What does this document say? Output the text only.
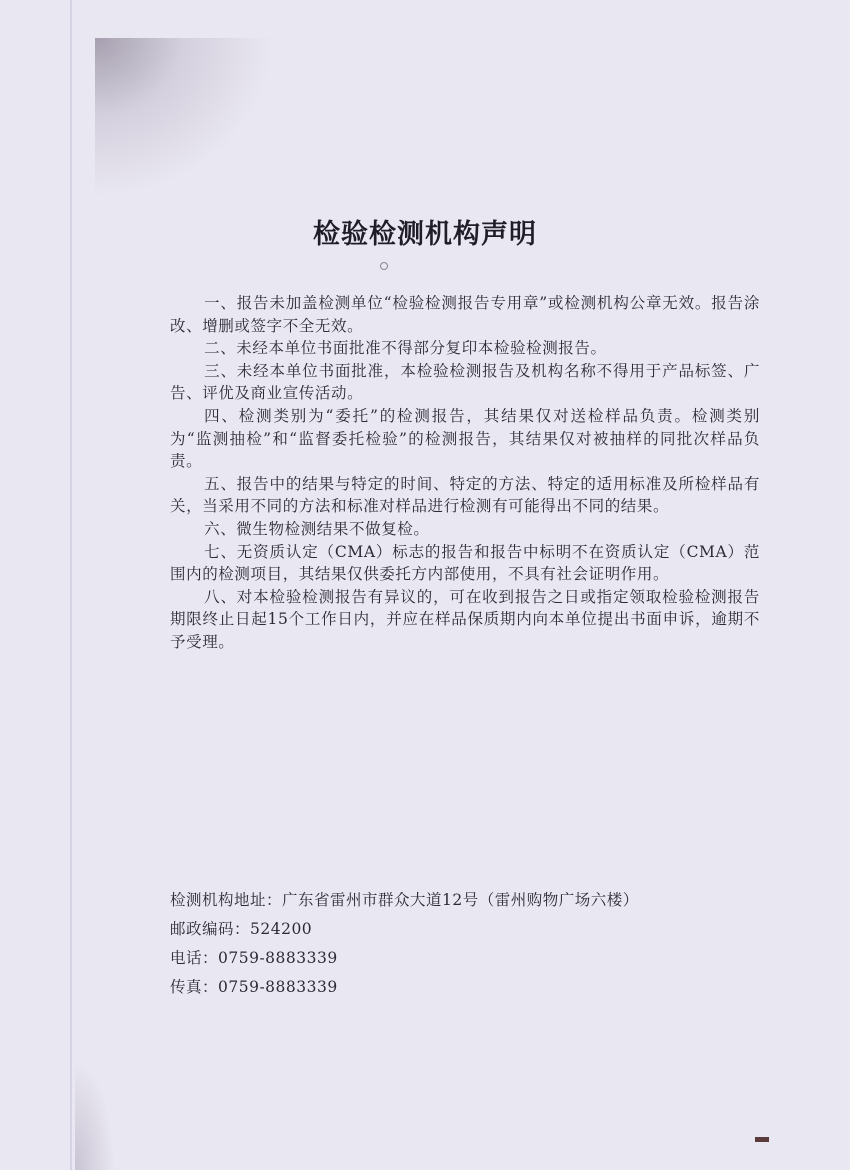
检验检测机构声明

一、报告未加盖检测单位“检验检测报告专用章”或检测机构公章无效。报告涂改、增删或签字不全无效。

二、未经本单位书面批准不得部分复印本检验检测报告。

三、未经本单位书面批准，本检验检测报告及机构名称不得用于产品标签、广告、评优及商业宣传活动。

四、检测类别为“委托”的检测报告，其结果仅对送检样品负责。检测类别为“监测抽检”和“监督委托检验”的检测报告，其结果仅对被抽样的同批次样品负责。

五、报告中的结果与特定的时间、特定的方法、特定的适用标准及所检样品有关，当采用不同的方法和标准对样品进行检测有可能得出不同的结果。

六、微生物检测结果不做复检。

七、无资质认定（CMA）标志的报告和报告中标明不在资质认定（CMA）范围内的检测项目，其结果仅供委托方内部使用，不具有社会证明作用。

八、对本检验检测报告有异议的，可在收到报告之日或指定领取检验检测报告期限终止日起15个工作日内，并应在样品保质期内向本单位提出书面申诉，逾期不予受理。

检测机构地址：广东省雷州市群众大道12号（雷州购物广场六楼）
邮政编码：524200
电话：0759-8883339
传真：0759-8883339
